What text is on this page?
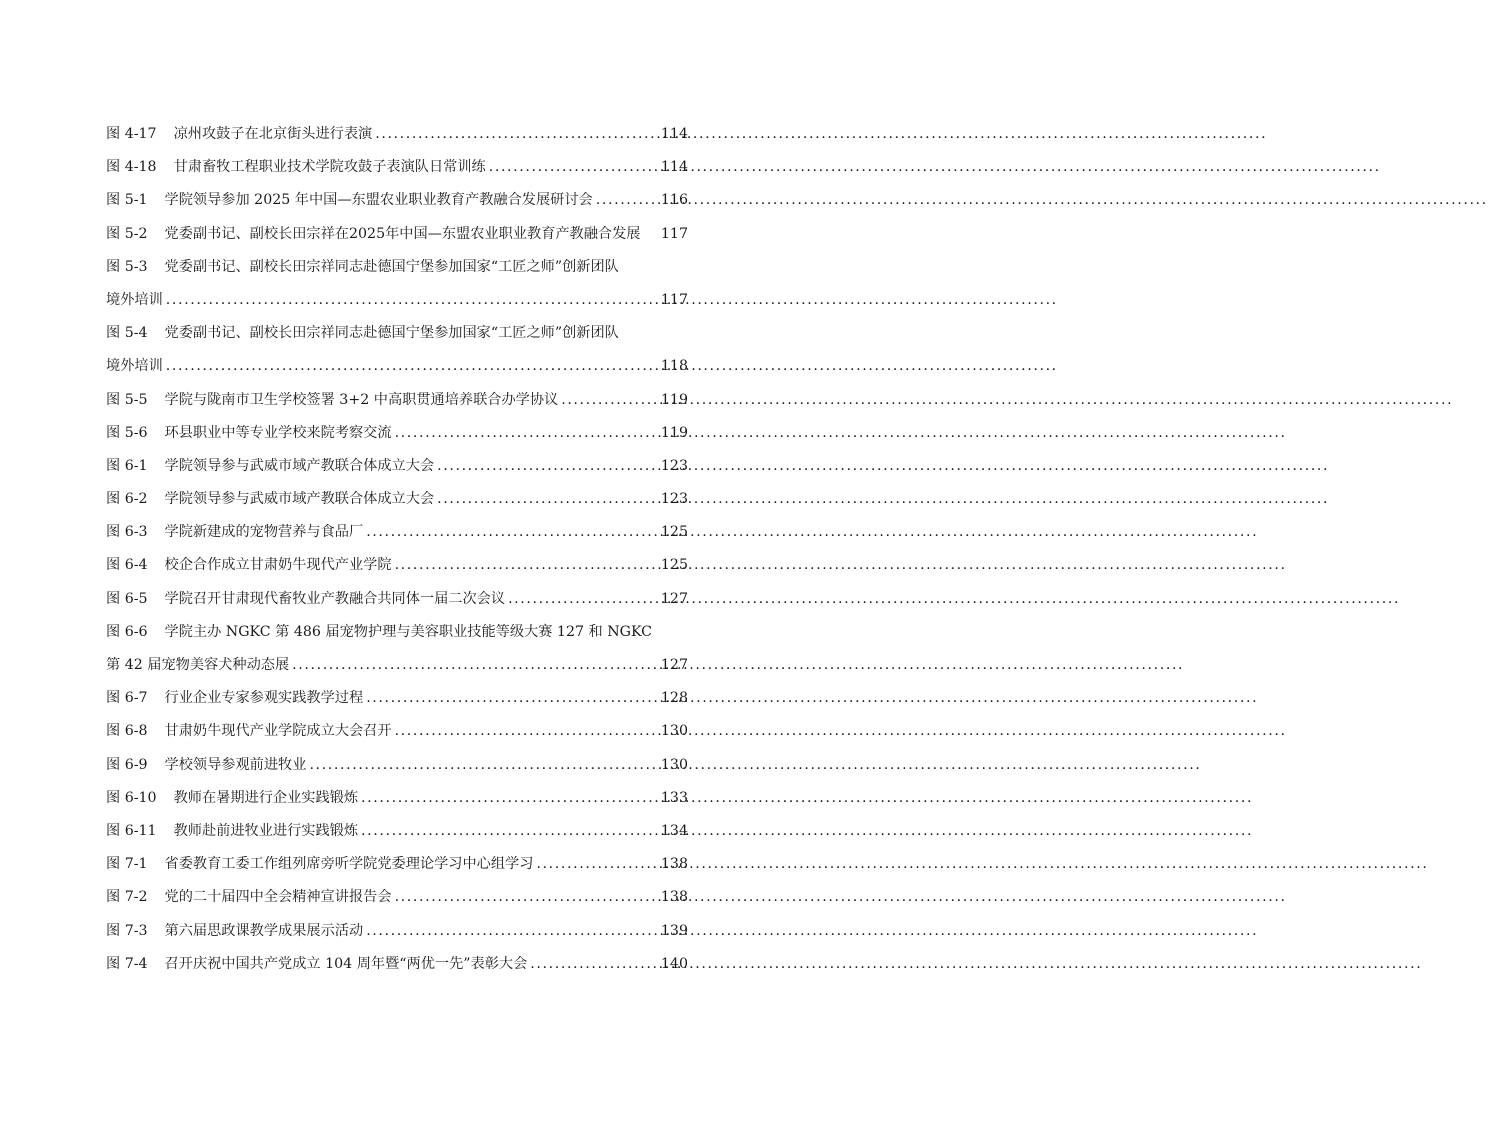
图 4-17 凉州攻鼓子在北京街头进行表演 .....	114
图 4-18 甘肃畜牧工程职业技术学院攻鼓子表演队日常训练 .....	114
图 5-1 学院领导参加 2025 年中国—东盟农业职业教育产教融合发展研讨会 .....	116
图 5-2 党委副书记、副校长田宗祥在2025年中国—东盟农业职业教育产教融合发展	117
图 5-3 党委副书记、副校长田宗祥同志赴德国宁堡参加国家“工匠之师”创新团队
境外培训 .....	117
图 5-4 党委副书记、副校长田宗祥同志赴德国宁堡参加国家“工匠之师”创新团队
境外培训 .....	118
图 5-5 学院与陇南市卫生学校签署 3+2 中高职贯通培养联合办学协议 .....	119
图 5-6 环县职业中等专业学校来院考察交流 .....	119
图 6-1 学院领导参与武威市域产教联合体成立大会 .....	123
图 6-2 学院领导参与武威市域产教联合体成立大会 .....	123
图 6-3 学院新建成的宠物营养与食品厂 .....	125
图 6-4 校企合作成立甘肃奶牛现代产业学院 .....	125
图 6-5 学院召开甘肃现代畜牧业产教融合共同体一届二次会议 .....	127
图 6-6 学院主办 NGKC 第 486 届宠物护理与美容职业技能等级大赛 127 和 NGKC
第 42 届宠物美容犬种动态展 .....	127
图 6-7 行业企业专家参观实践教学过程 .....	128
图 6-8 甘肃奶牛现代产业学院成立大会召开 .....	130
图 6-9 学校领导参观前进牧业 .....	130
图 6-10 教师在暑期进行企业实践锻炼 .....	133
图 6-11 教师赴前进牧业进行实践锻炼 .....	134
图 7-1 省委教育工委工作组列席旁听学院党委理论学习中心组学习 .....	138
图 7-2 党的二十届四中全会精神宣讲报告会 .....	138
图 7-3 第六届思政课教学成果展示活动 .....	139
图 7-4 召开庆祝中国共产党成立 104 周年暨“两优一先”表彰大会 .....	140
